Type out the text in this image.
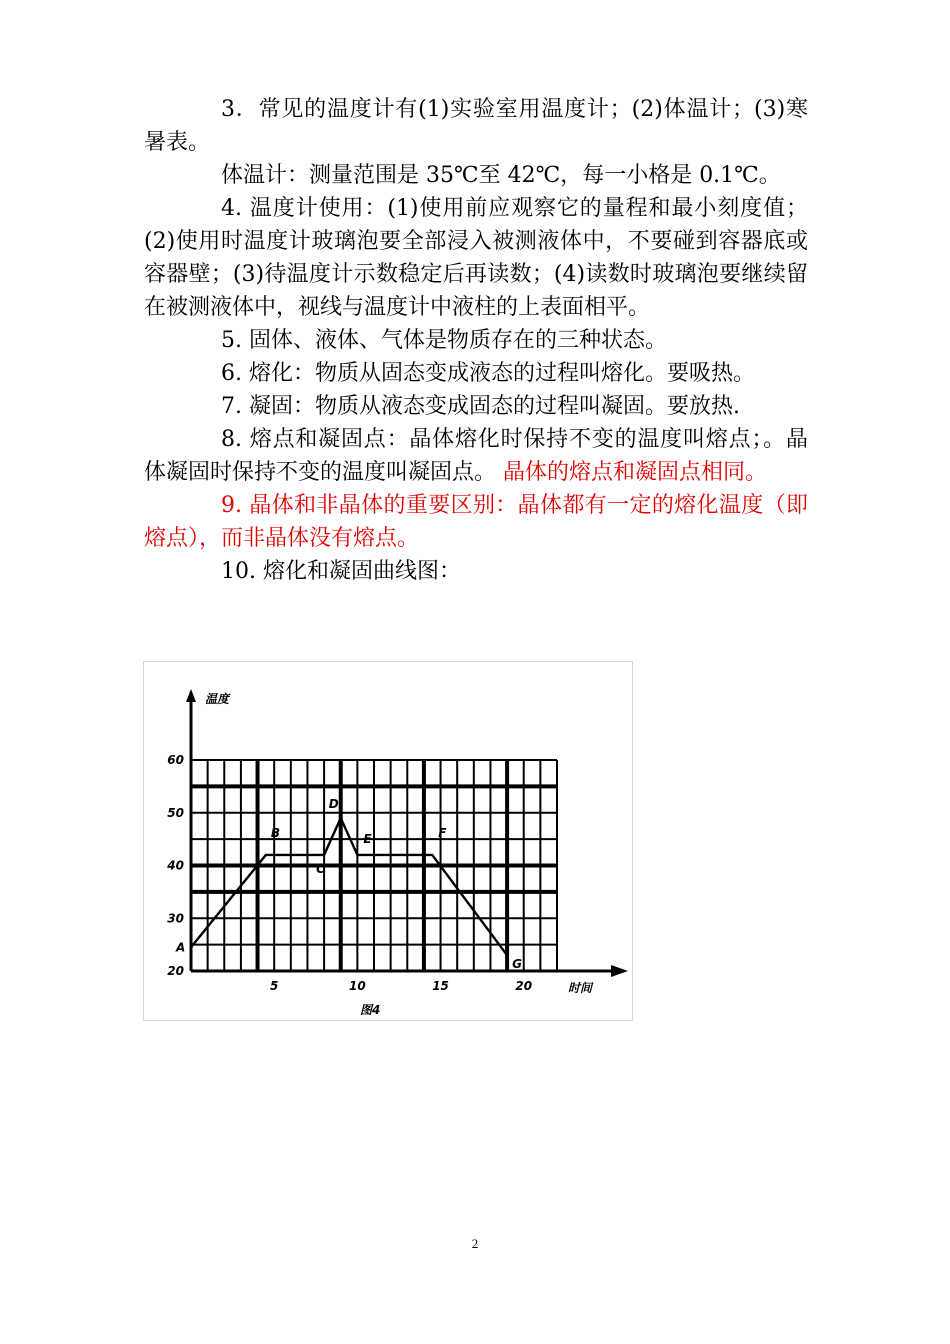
3．常见的温度计有(1)实验室用温度计；(2)体温计；(3)寒暑表。

体温计：测量范围是 35℃至 42℃，每一小格是 0.1℃。

4. 温度计使用：(1)使用前应观察它的量程和最小刻度值；(2)使用时温度计玻璃泡要全部浸入被测液体中，不要碰到容器底或容器壁；(3)待温度计示数稳定后再读数；(4)读数时玻璃泡要继续留在被测液体中，视线与温度计中液柱的上表面相平。

5. 固体、液体、气体是物质存在的三种状态。

6. 熔化：物质从固态变成液态的过程叫熔化。要吸热。

7. 凝固：物质从液态变成固态的过程叫凝固。要放热.

8. 熔点和凝固点：晶体熔化时保持不变的温度叫熔点；。晶体凝固时保持不变的温度叫凝固点。 晶体的熔点和凝固点相同。

9. 晶体和非晶体的重要区别：晶体都有一定的熔化温度（即熔点），而非晶体没有熔点。

10. 熔化和凝固曲线图：

温度
时间
图4
20
30
40
50
60
5	10	15	20
A
B
C
D
E	F
G
2
